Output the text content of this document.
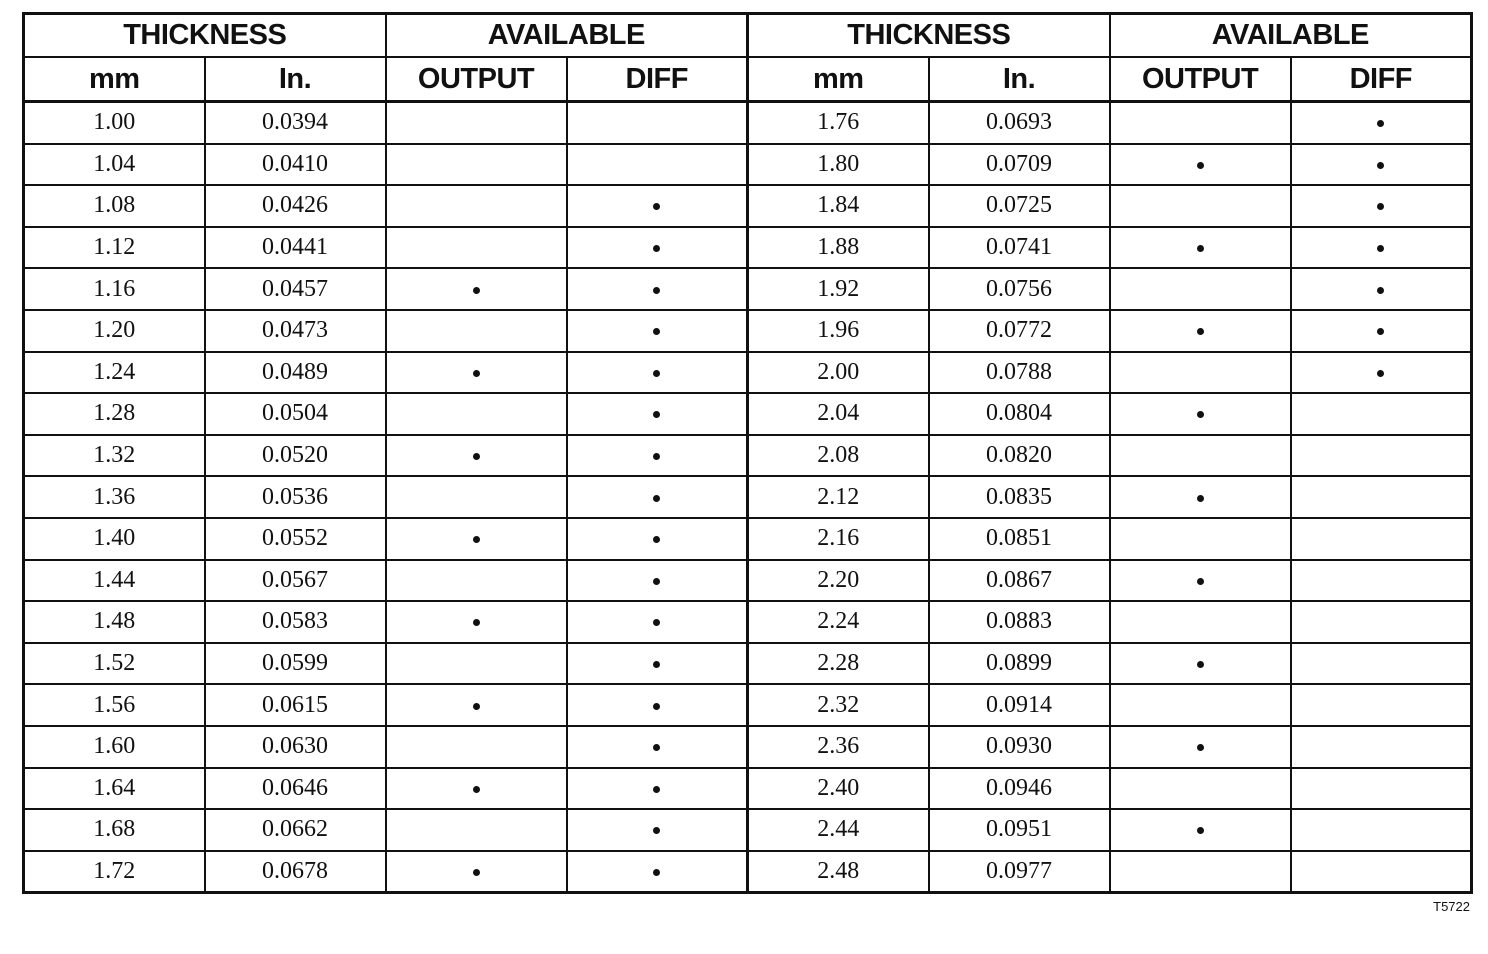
THICKNESS		AVAILABLE		THICKNESS		AVAILABLE	
mm	In.	OUTPUT	DIFF	mm	In.	OUTPUT	DIFF
1.00	0.0394			1.76	0.0693		
1.04	0.0410			1.80	0.0709		
1.08	0.0426			1.84	0.0725		
1.12	0.0441			1.88	0.0741		
1.16	0.0457			1.92	0.0756		
1.20	0.0473			1.96	0.0772		
1.24	0.0489			2.00	0.0788		
1.28	0.0504			2.04	0.0804		
1.32	0.0520			2.08	0.0820		
1.36	0.0536			2.12	0.0835		
1.40	0.0552			2.16	0.0851		
1.44	0.0567			2.20	0.0867		
1.48	0.0583			2.24	0.0883		
1.52	0.0599			2.28	0.0899		
1.56	0.0615			2.32	0.0914		
1.60	0.0630			2.36	0.0930		
1.64	0.0646			2.40	0.0946		
1.68	0.0662			2.44	0.0951		
1.72	0.0678			2.48	0.0977		
T5722
